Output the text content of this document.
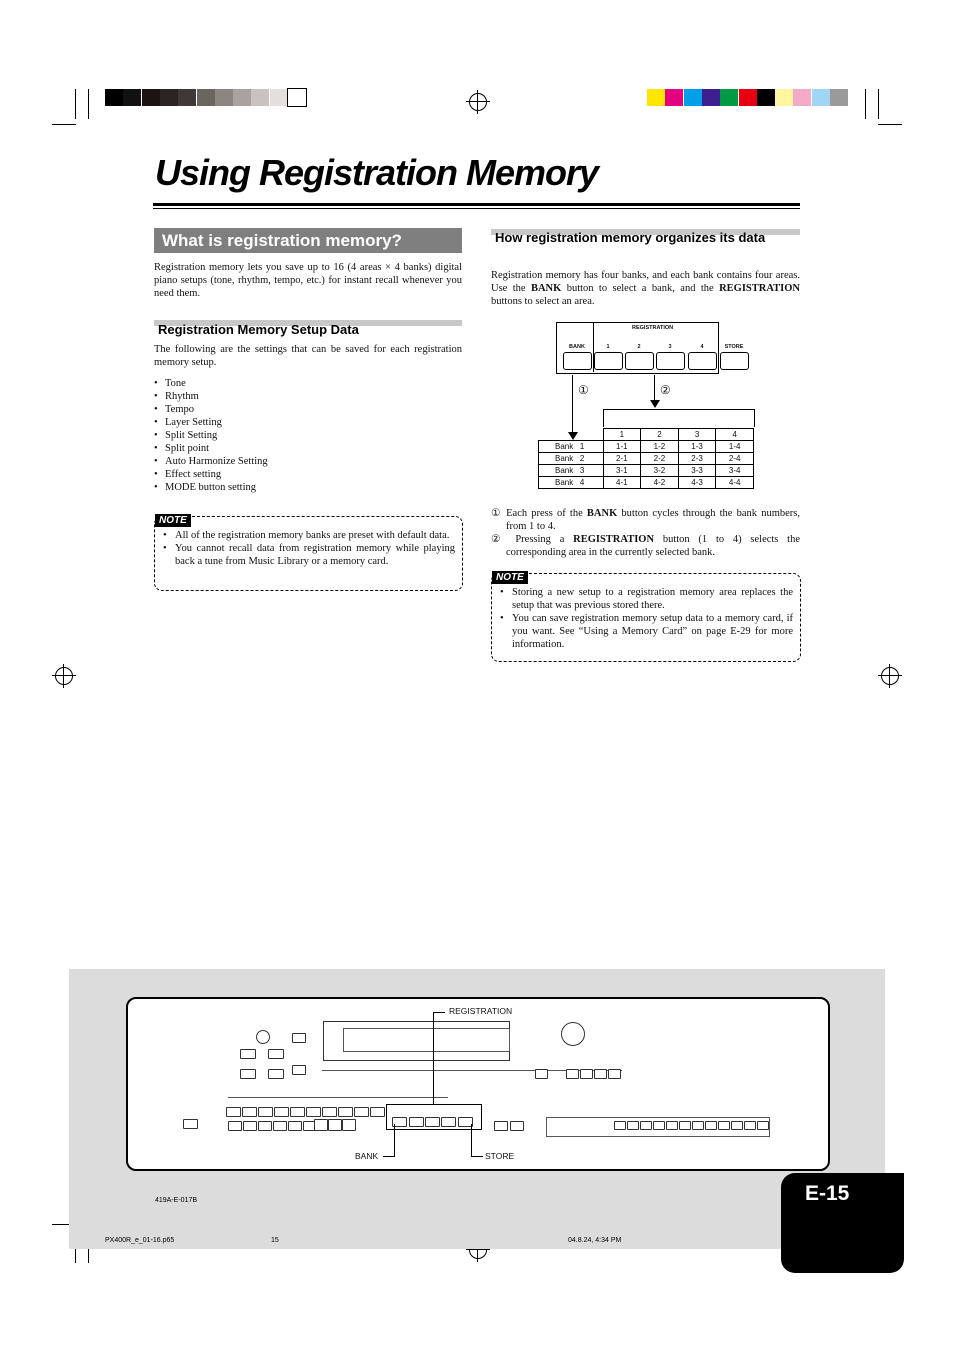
Using Registration Memory
What is registration memory?
Registration memory lets you save up to 16 (4 areas × 4 banks) digital piano setups (tone, rhythm, tempo, etc.) for instant recall whenever you need them.
Registration Memory Setup Data
The following are the settings that can be saved for each registration memory setup.
• Tone
• Rhythm
• Tempo
• Layer Setting
• Split Setting
• Split point
• Auto Harmonize Setting
• Effect setting
• MODE button setting
NOTE
• All of the registration memory banks are preset with default data.
• You cannot recall data from registration memory while playing back a tune from Music Library or a memory card.
How registration memory organizes its data
Registration memory has four banks, and each bank contains four areas. Use the BANK button to select a bank, and the REGISTRATION buttons to select an area.
REGISTRATION
BANK	1	2	3	4	STORE
①	②
	1	2	3	4
Bank   1	1-1	1-2	1-3	1-4
Bank   2	2-1	2-2	2-3	2-4
Bank   3	3-1	3-2	3-3	3-4
Bank   4	4-1	4-2	4-3	4-4
① Each press of the BANK button cycles through the bank numbers, from 1 to 4.
② Pressing a REGISTRATION button (1 to 4) selects the corresponding area in the currently selected bank.
NOTE
• Storing a new setup to a registration memory area replaces the setup that was previous stored there.
• You can save registration memory setup data to a memory card, if you want. See “Using a Memory Card” on page E-29 for more information.
REGISTRATION
BANK	STORE
419A-E-017B
PX400R_e_01-16.p65	15	04.8.24, 4:34 PM
E-15
